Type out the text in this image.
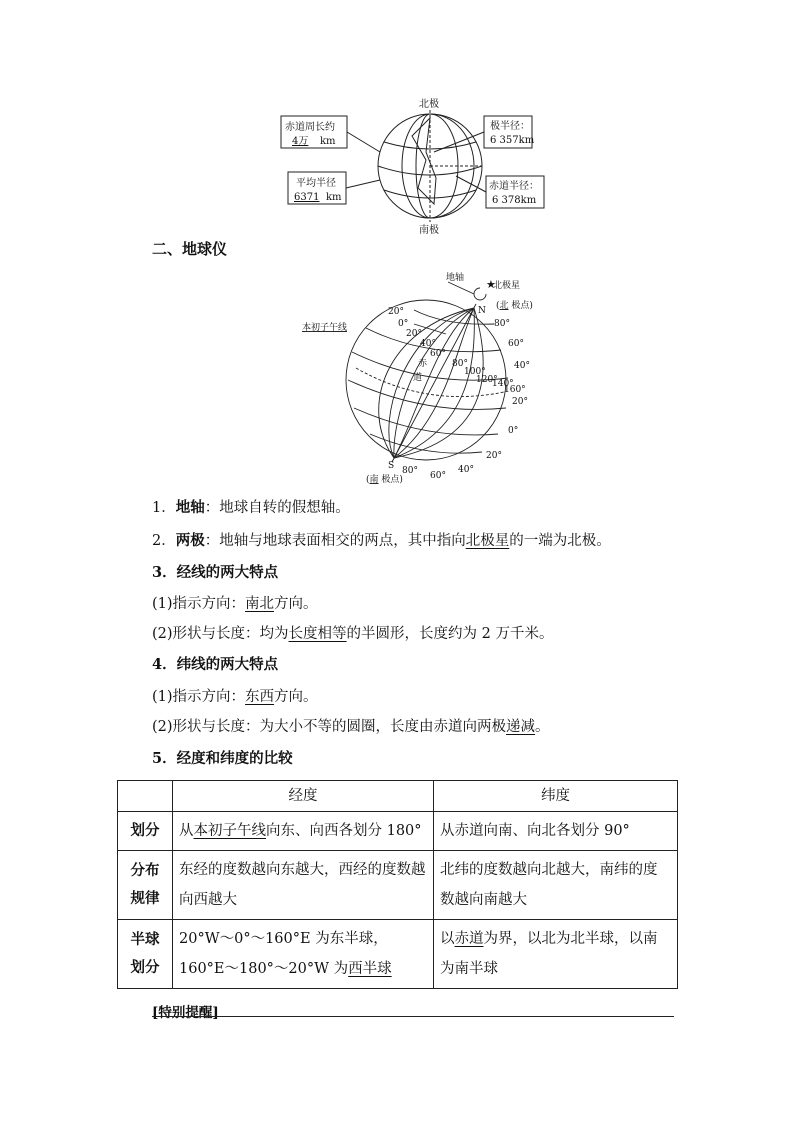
北极
南极
赤道周长约
4万 km
平均半径
6371 km
极半径：
6 357km
赤道半径：
6 378km
二、地球仪
★
地轴
北极星
N (北 极点)
S
(南 极点)
本初子午线
赤
道
80°
60°
40°
20°
0°
20°
40°
60°
80°
20°
0°
20°
40°
60°
80°
100°
120°
140°
160°
1．地轴：地球自转的假想轴。
2．两极：地轴与地球表面相交的两点，其中指向北极星的一端为北极。
3．经线的两大特点
(1)指示方向：南北方向。
(2)形状与长度：均为长度相等的半圆形，长度约为 2 万千米。
4．纬线的两大特点
(1)指示方向：东西方向。
(2)形状与长度：为大小不等的圆圈，长度由赤道向两极递减。
5．经度和纬度的比较
	经度	纬度
划分	从本初子午线向东、向西各划分 180°	从赤道向南、向北各划分 90°
分布规律	东经的度数越向东越大，西经的度数越向西越大	北纬的度数越向北越大，南纬的度数越向南越大
半球划分	20°W～0°～160°E 为东半球，160°E～180°～20°W 为西半球	以赤道为界，以北为北半球，以南为南半球
[特别提醒]
